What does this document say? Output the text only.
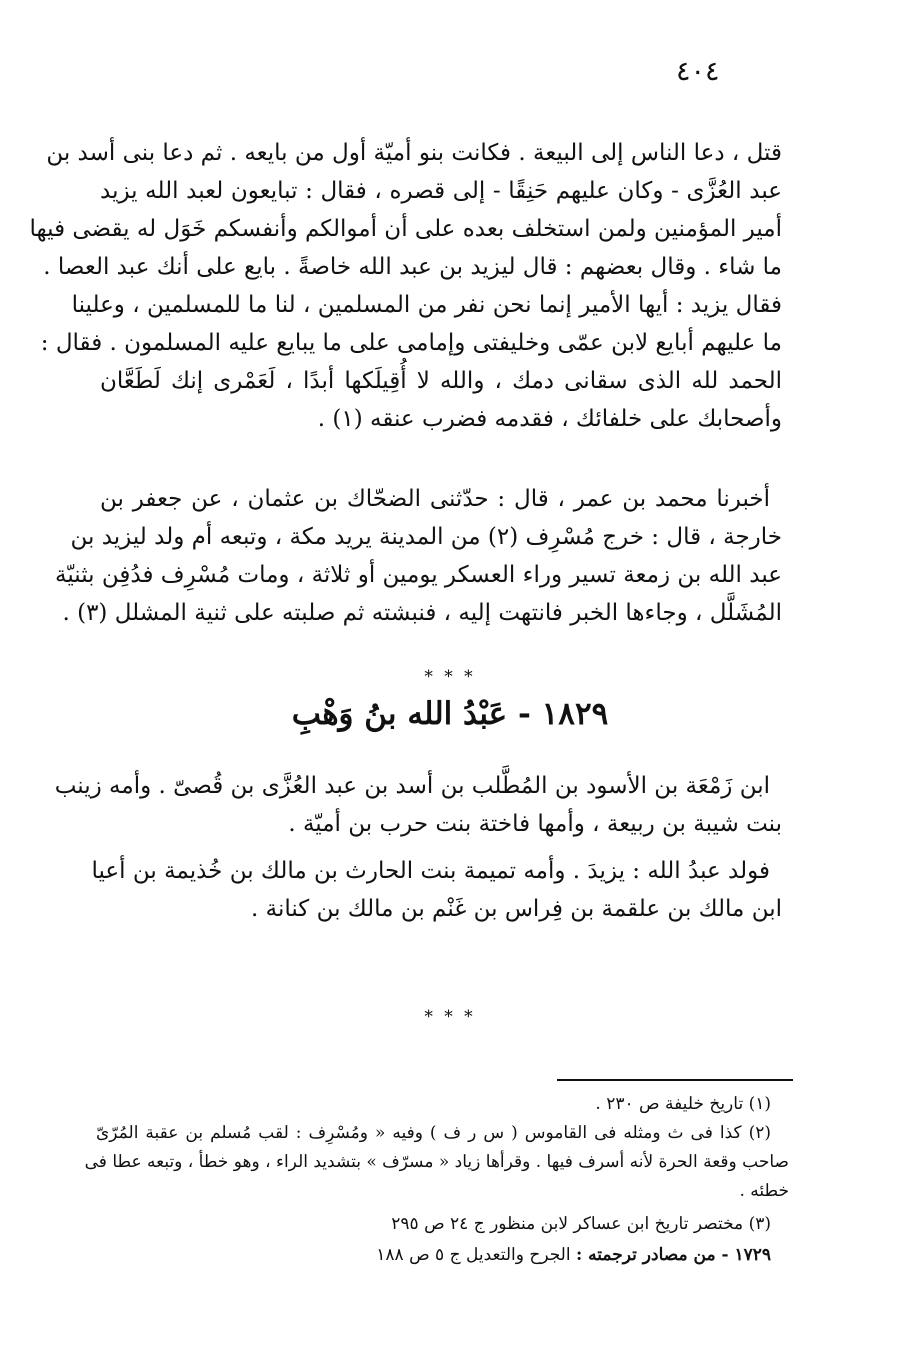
٤٠٤
قتل ، دعا الناس إلى البيعة . فكانت بنو أميّة أول من بايعه . ثم دعا بنى أسد بن
عبد العُزَّى - وكان عليهم حَنِقًا - إلى قصره ، فقال : تبايعون لعبد الله يزيد
أمير المؤمنين ولمن استخلف بعده على أن أموالكم وأنفسكم خَوَل له يقضى فيها
ما شاء . وقال بعضهم : قال ليزيد بن عبد الله خاصةً . بايع على أنك عبد العصا .
فقال يزيد : أيها الأمير إنما نحن نفر من المسلمين ، لنا ما للمسلمين ، وعلينا
ما عليهم أبايع لابن عمّى وخليفتى وإمامى على ما يبايع عليه المسلمون . فقال :
الحمد لله الذى سقانى دمك ، والله لا أُقِيلَكها أبدًا ، لَعَمْرى إنك لَطَعَّان
وأصحابك على خلفائك ، فقدمه فضرب عنقه (١) .
أخبرنا محمد بن عمر ، قال : حدّثنى الضحّاك بن عثمان ، عن جعفر بن
خارجة ، قال : خرج مُسْرِف (٢) من المدينة يريد مكة ، وتبعه أم ولد ليزيد بن
عبد الله بن زمعة تسير وراء العسكر يومين أو ثلاثة ، ومات مُسْرِف فدُفِن بثنيّة
المُشَلَّل ، وجاءها الخبر فانتهت إليه ، فنبشته ثم صلبته على ثنية المشلل (٣) .
* * *
١٨٢٩ - عَبْدُ الله بنُ وَهْبِ
ابن زَمْعَة بن الأسود بن المُطَّلب بن أسد بن عبد العُزَّى بن قُصىّ . وأمه زينب
بنت شيبة بن ربيعة ، وأمها فاختة بنت حرب بن أميّة .
فولد عبدُ الله : يزيدَ . وأمه تميمة بنت الحارث بن مالك بن خُذيمة بن أعيا
ابن مالك بن علقمة بن فِراس بن غَنْم بن مالك بن كنانة .
* * *
(١) تاريخ خليفة ص ٢٣٠ .
(٢) كذا فى ث ومثله فى القاموس ( س ر ف ) وفيه « ومُسْرِف : لقب مُسلم بن عقبة المُرّىّ
صاحب وقعة الحرة لأنه أسرف فيها . وقرأها زياد « مسرّف » بتشديد الراء ، وهو خطأ ، وتبعه عطا فى
خطئه .
(٣) مختصر تاريخ ابن عساكر لابن منظور ج ٢٤ ص ٢٩٥
١٧٢٩ - من مصادر ترجمته : الجرح والتعديل ج ٥ ص ١٨٨
